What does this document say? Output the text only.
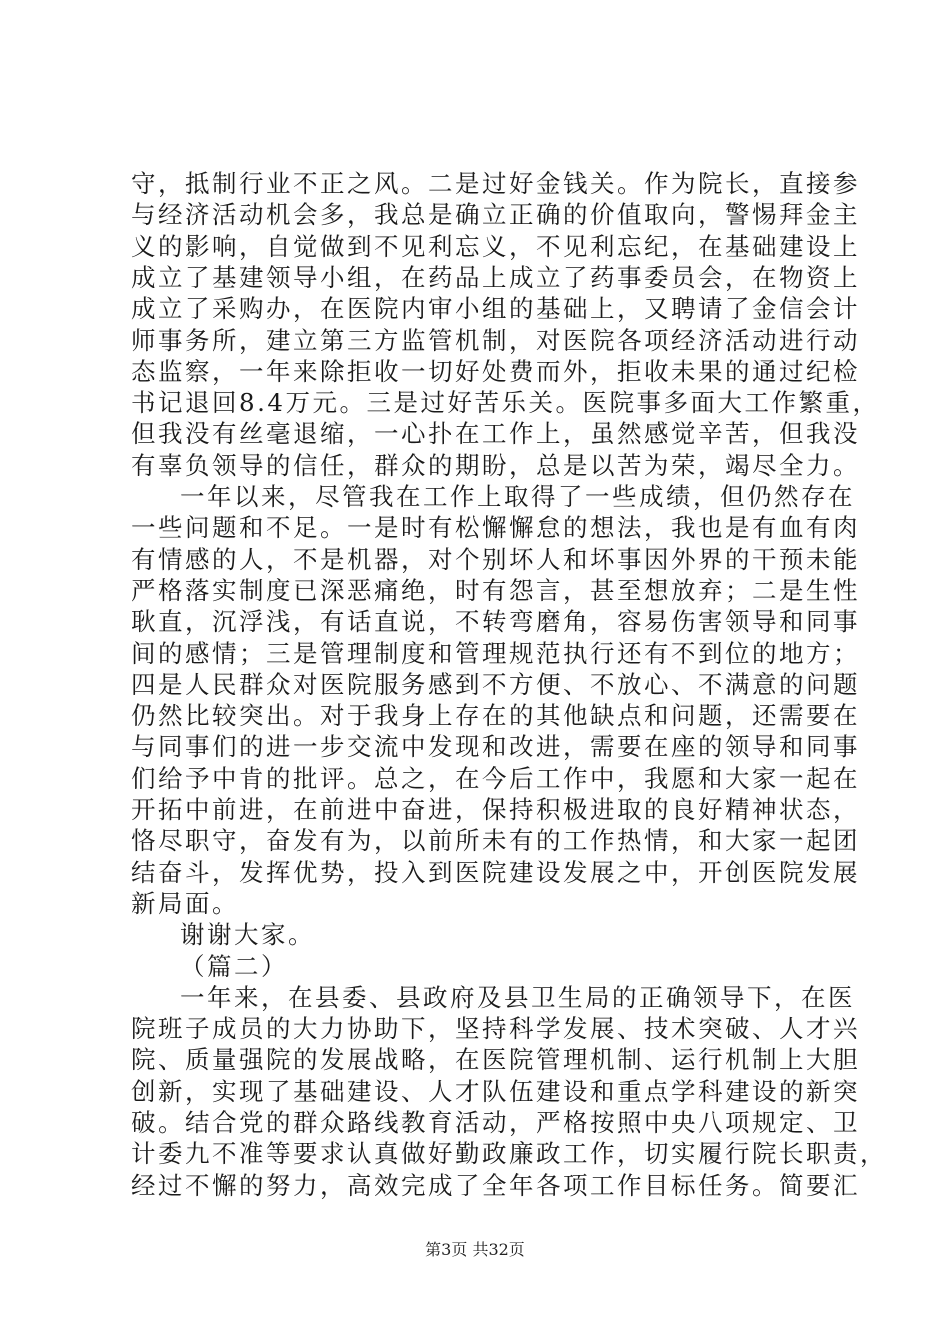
守，抵制行业不正之风。二是过好金钱关。作为院长，直接参
与经济活动机会多，我总是确立正确的价值取向，警惕拜金主
义的影响，自觉做到不见利忘义，不见利忘纪，在基础建设上
成立了基建领导小组，在药品上成立了药事委员会，在物资上
成立了采购办，在医院内审小组的基础上，又聘请了金信会计
师事务所，建立第三方监管机制，对医院各项经济活动进行动
态监察，一年来除拒收一切好处费而外，拒收未果的通过纪检
书记退回8.4万元。三是过好苦乐关。医院事多面大工作繁重，
但我没有丝毫退缩，一心扑在工作上，虽然感觉辛苦，但我没
有辜负领导的信任，群众的期盼，总是以苦为荣，竭尽全力。
一年以来，尽管我在工作上取得了一些成绩，但仍然存在
一些问题和不足。一是时有松懈懈怠的想法，我也是有血有肉
有情感的人，不是机器，对个别坏人和坏事因外界的干预未能
严格落实制度已深恶痛绝，时有怨言，甚至想放弃；二是生性
耿直，沉浮浅，有话直说，不转弯磨角，容易伤害领导和同事
间的感情；三是管理制度和管理规范执行还有不到位的地方；
四是人民群众对医院服务感到不方便、不放心、不满意的问题
仍然比较突出。对于我身上存在的其他缺点和问题，还需要在
与同事们的进一步交流中发现和改进，需要在座的领导和同事
们给予中肯的批评。总之，在今后工作中，我愿和大家一起在
开拓中前进，在前进中奋进，保持积极进取的良好精神状态，
恪尽职守，奋发有为，以前所未有的工作热情，和大家一起团
结奋斗，发挥优势，投入到医院建设发展之中，开创医院发展
新局面。
谢谢大家。
（篇二）
一年来，在县委、县政府及县卫生局的正确领导下，在医
院班子成员的大力协助下，坚持科学发展、技术突破、人才兴
院、质量强院的发展战略，在医院管理机制、运行机制上大胆
创新，实现了基础建设、人才队伍建设和重点学科建设的新突
破。结合党的群众路线教育活动，严格按照中央八项规定、卫
计委九不准等要求认真做好勤政廉政工作，切实履行院长职责，
经过不懈的努力，高效完成了全年各项工作目标任务。简要汇
第3页 共32页
